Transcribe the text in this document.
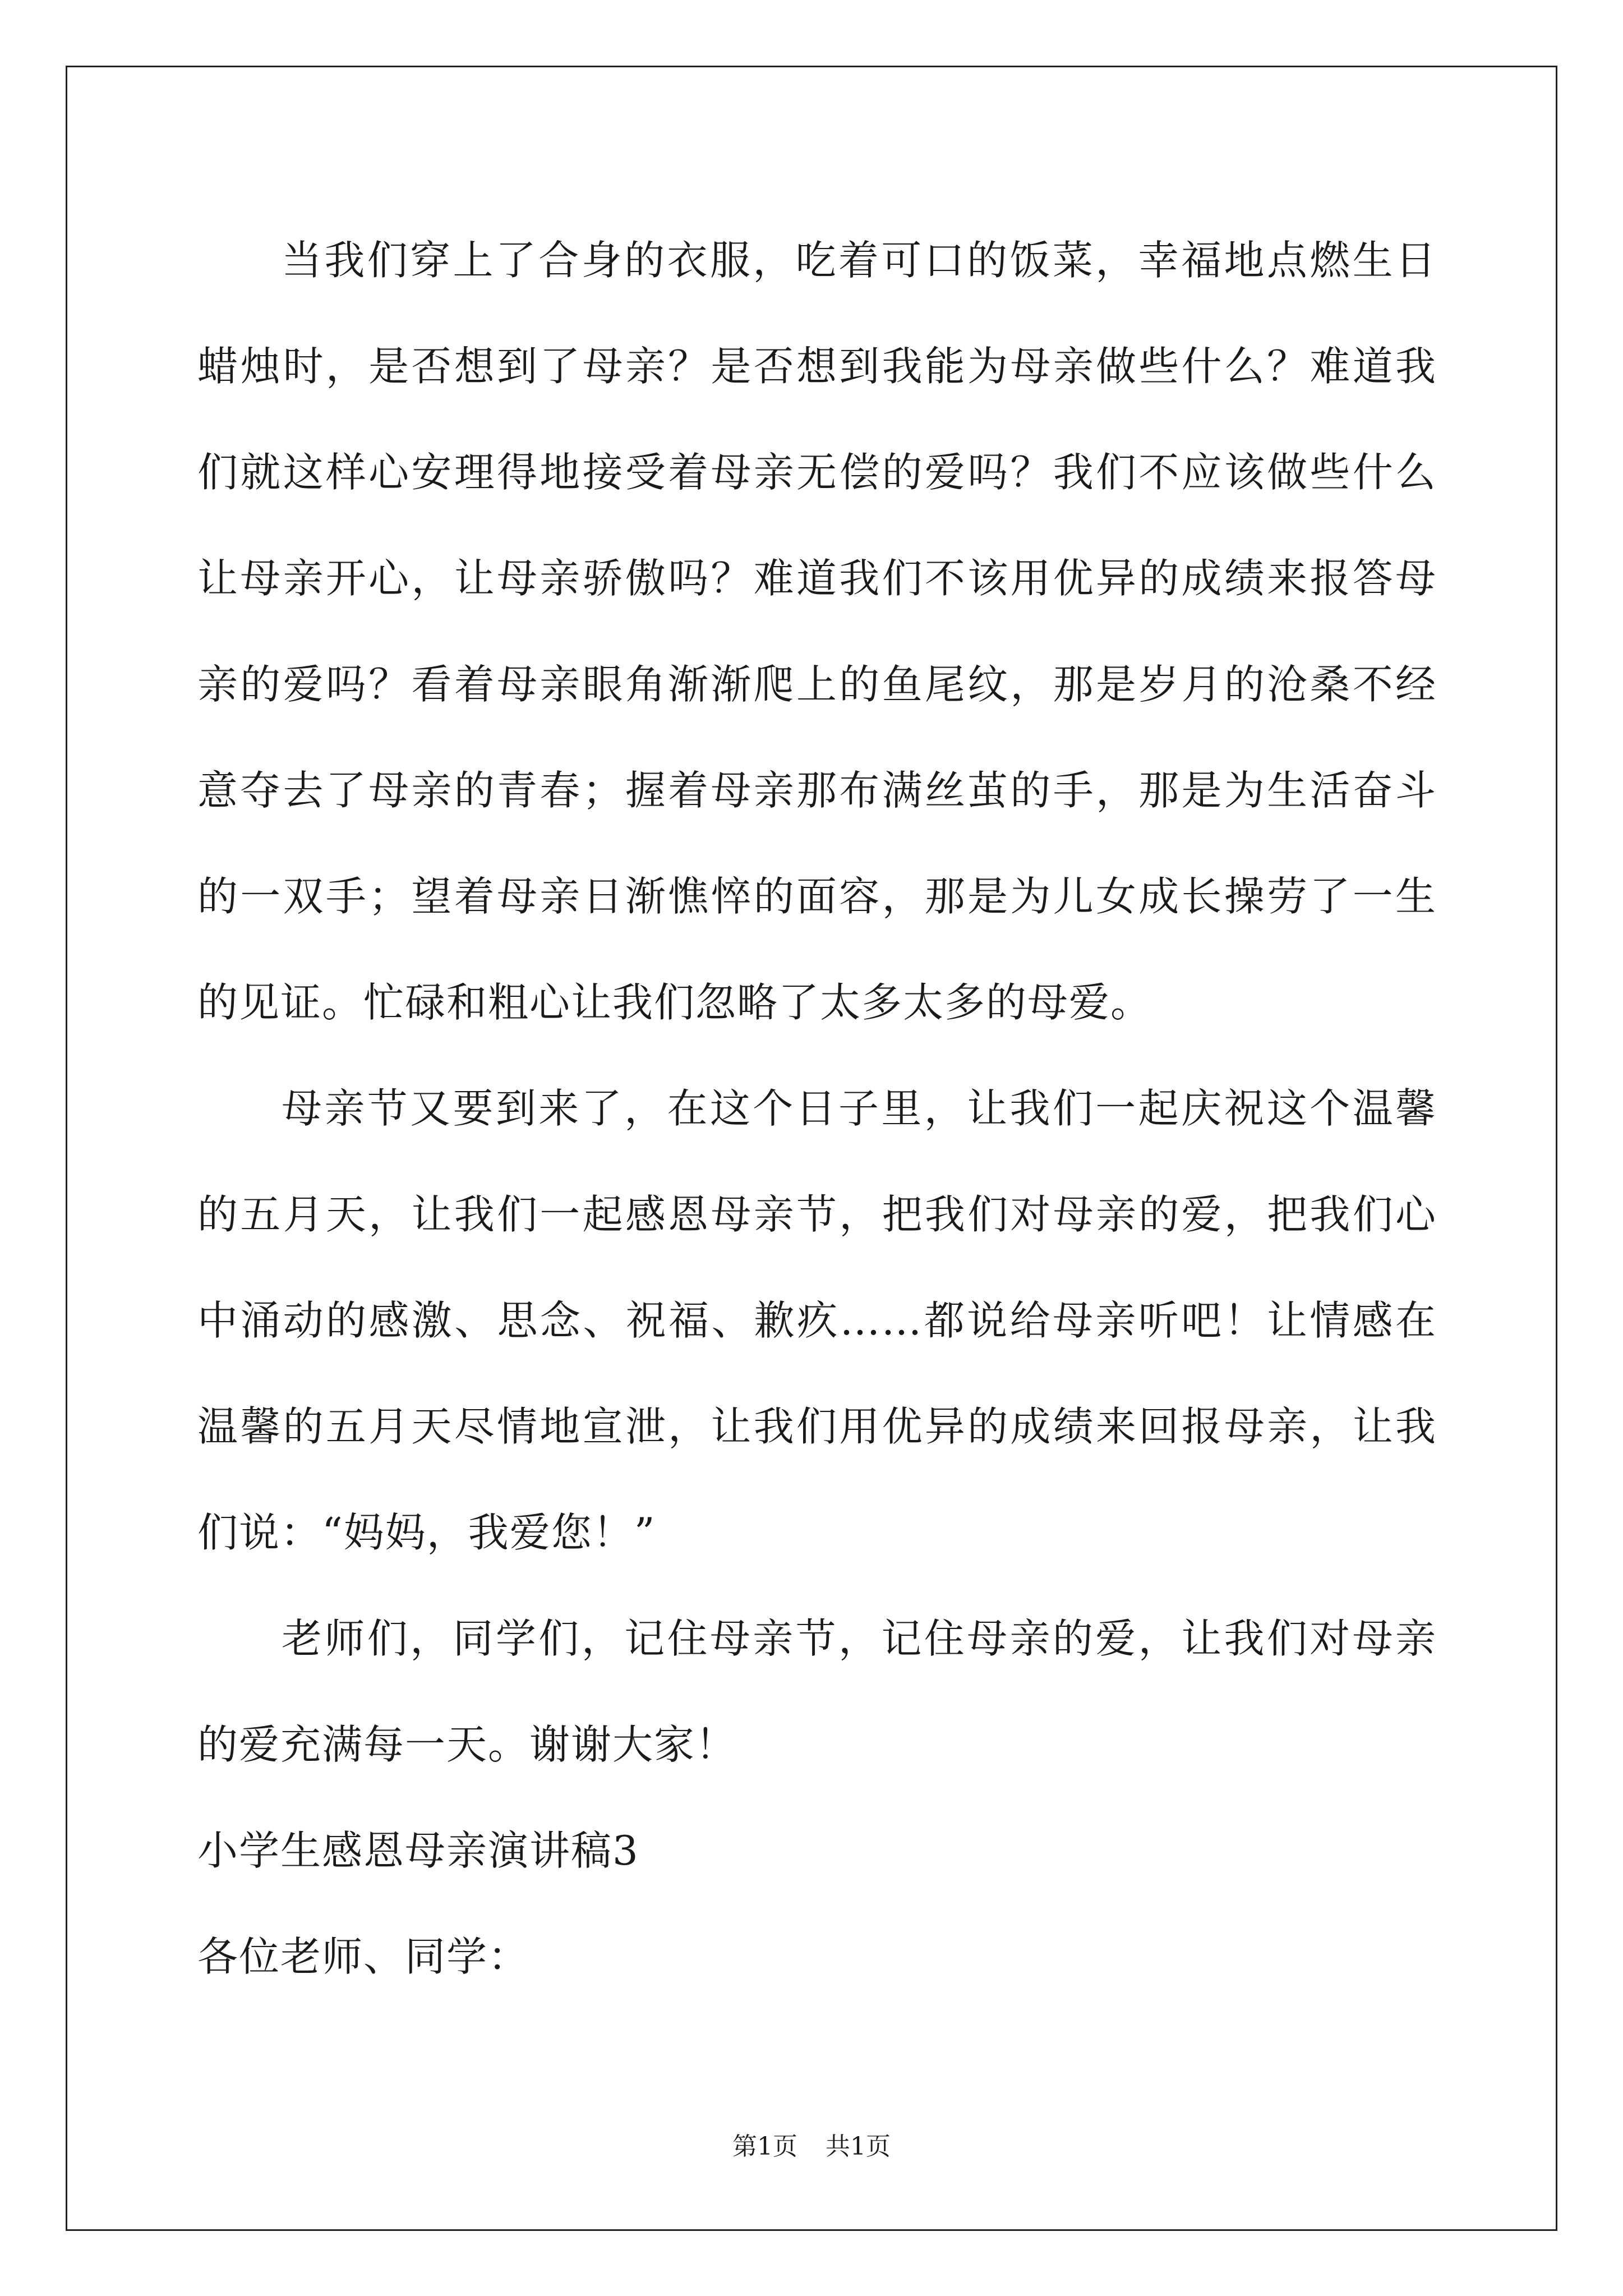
当我们穿上了合身的衣服，吃着可口的饭菜，幸福地点燃生日蜡烛时，是否想到了母亲？是否想到我能为母亲做些什么？难道我们就这样心安理得地接受着母亲无偿的爱吗？我们不应该做些什么让母亲开心，让母亲骄傲吗？难道我们不该用优异的成绩来报答母亲的爱吗？看着母亲眼角渐渐爬上的鱼尾纹，那是岁月的沧桑不经意夺去了母亲的青春；握着母亲那布满丝茧的手，那是为生活奋斗的一双手；望着母亲日渐憔悴的面容，那是为儿女成长操劳了一生的见证。忙碌和粗心让我们忽略了太多太多的母爱。

母亲节又要到来了，在这个日子里，让我们一起庆祝这个温馨的五月天，让我们一起感恩母亲节，把我们对母亲的爱，把我们心中涌动的感激、思念、祝福、歉疚……都说给母亲听吧！让情感在温馨的五月天尽情地宣泄，让我们用优异的成绩来回报母亲，让我们说：“妈妈，我爱您！”

老师们，同学们，记住母亲节，记住母亲的爱，让我们对母亲的爱充满每一天。谢谢大家！

小学生感恩母亲演讲稿3

各位老师、同学：

第1页 共1页
